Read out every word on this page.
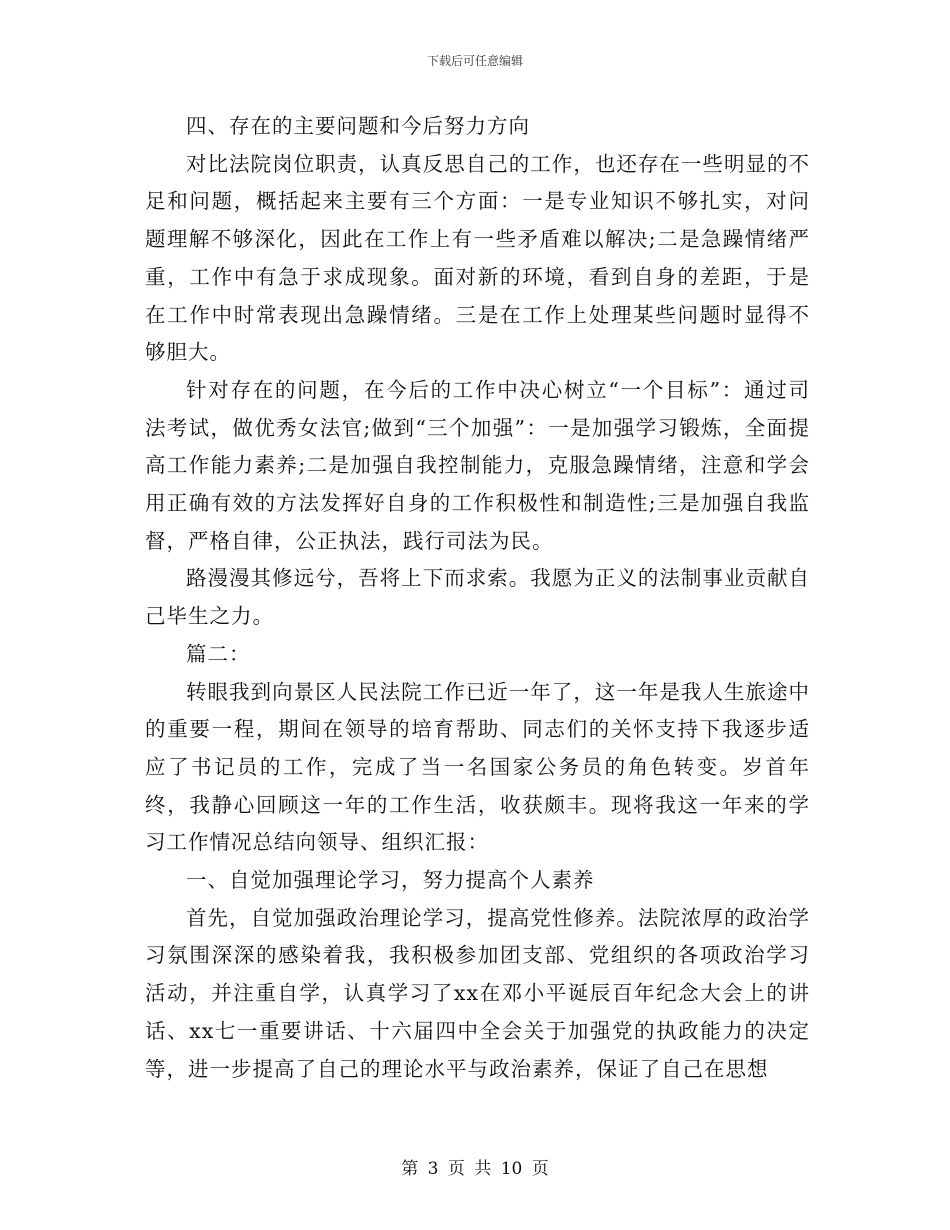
下载后可任意编辑

四、存在的主要问题和今后努力方向

对比法院岗位职责，认真反思自己的工作，也还存在一些明显的不足和问题，概括起来主要有三个方面：一是专业知识不够扎实，对问题理解不够深化，因此在工作上有一些矛盾难以解决;二是急躁情绪严重，工作中有急于求成现象。面对新的环境，看到自身的差距，于是在工作中时常表现出急躁情绪。三是在工作上处理某些问题时显得不够胆大。

针对存在的问题，在今后的工作中决心树立“一个目标”：通过司法考试，做优秀女法官;做到“三个加强”：一是加强学习锻炼，全面提高工作能力素养;二是加强自我控制能力，克服急躁情绪，注意和学会用正确有效的方法发挥好自身的工作积极性和制造性;三是加强自我监督，严格自律，公正执法，践行司法为民。

路漫漫其修远兮，吾将上下而求索。我愿为正义的法制事业贡献自己毕生之力。

篇二：

转眼我到向景区人民法院工作已近一年了，这一年是我人生旅途中的重要一程，期间在领导的培育帮助、同志们的关怀支持下我逐步适应了书记员的工作，完成了当一名国家公务员的角色转变。岁首年终，我静心回顾这一年的工作生活，收获颇丰。现将我这一年来的学习工作情况总结向领导、组织汇报：

一、自觉加强理论学习，努力提高个人素养

首先，自觉加强政治理论学习，提高党性修养。法院浓厚的政治学习氛围深深的感染着我，我积极参加团支部、党组织的各项政治学习活动，并注重自学，认真学习了xx在邓小平诞辰百年纪念大会上的讲话、xx七一重要讲话、十六届四中全会关于加强党的执政能力的决定等，进一步提高了自己的理论水平与政治素养，保证了自己在思想

第 3 页 共 10 页
